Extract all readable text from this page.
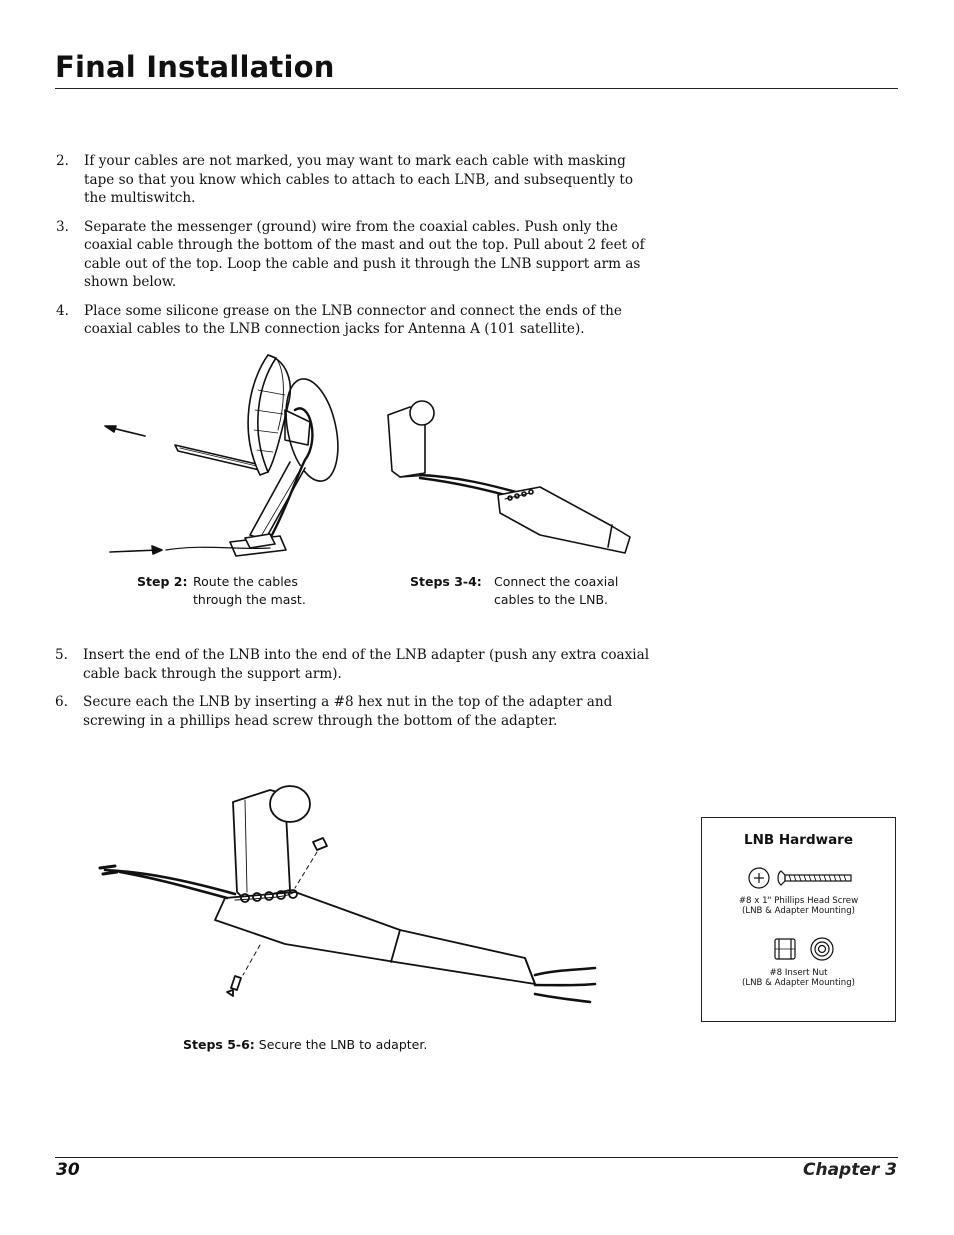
Final Installation

2. If your cables are not marked, you may want to mark each cable with masking tape so that you know which cables to attach to each LNB, and subsequently to the multiswitch.

3. Separate the messenger (ground) wire from the coaxial cables. Push only the coaxial cable through the bottom of the mast and out the top. Pull about 2 feet of cable out of the top. Loop the cable and push it through the LNB support arm as shown below.

4. Place some silicone grease on the LNB connector and connect the ends of the coaxial cables to the LNB connection jacks for Antenna A (101 satellite).

Step 2: Route the cables through the mast.
Steps 3-4: Connect the coaxial cables to the LNB.

5. Insert the end of the LNB into the end of the LNB adapter (push any extra coaxial cable back through the support arm).

6. Secure each the LNB by inserting a #8 hex nut in the top of the adapter and screwing in a phillips head screw through the bottom of the adapter.

Steps 5-6: Secure the LNB to adapter.
LNB Hardware
#8 x 1" Phillips Head Screw
(LNB & Adapter Mounting)
#8 Insert Nut
(LNB & Adapter Mounting)
30	Chapter 3
